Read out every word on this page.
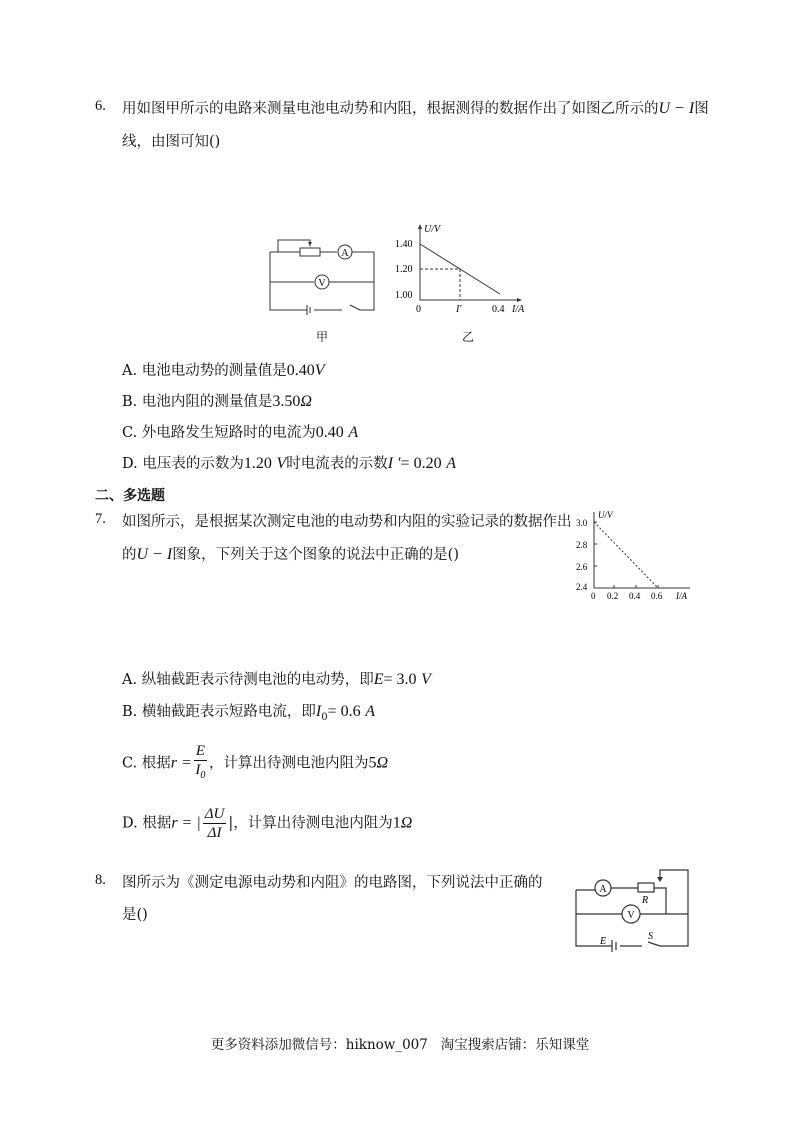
6. 用如图甲所示的电路来测量电池电动势和内阻，根据测得的数据作出了如图乙所示的U − I图
线，由图可知()
A
V
甲
U/V
1.40
1.20
1.00
0	I′	0.4 I/A
乙
A. 电池电动势的测量值是0.40V
B. 电池内阻的测量值是3.50Ω
C. 外电路发生短路时的电流为0.40 A
D. 电压表的示数为1.20 V时电流表的示数I ′= 0.20 A
二、多选题
7. 如图所示，是根据某次测定电池的电动势和内阻的实验记录的数据作出
的U − I图象，下列关于这个图象的说法中正确的是()
U/V
3.0
2.8
2.6
2.4
0 0.2 0.4 0.6 I/A
A. 纵轴截距表示待测电池的电动势，即E= 3.0 V
B. 横轴截距表示短路电流，即$I_0= 0.6$ A
C. 根据$r = \frac{E}{I_0}$ ，计算出待测电池内阻为5Ω
D. 根据r = | $\frac{\Delta U}{\Delta I}$ |，计算出待测电池内阻为1Ω
8. 图所示为《测定电源电动势和内阻》的电路图，下列说法中正确的
是()
A
V
R
E	S
更多资料添加微信号：hiknow_007   淘宝搜索店铺：乐知课堂
